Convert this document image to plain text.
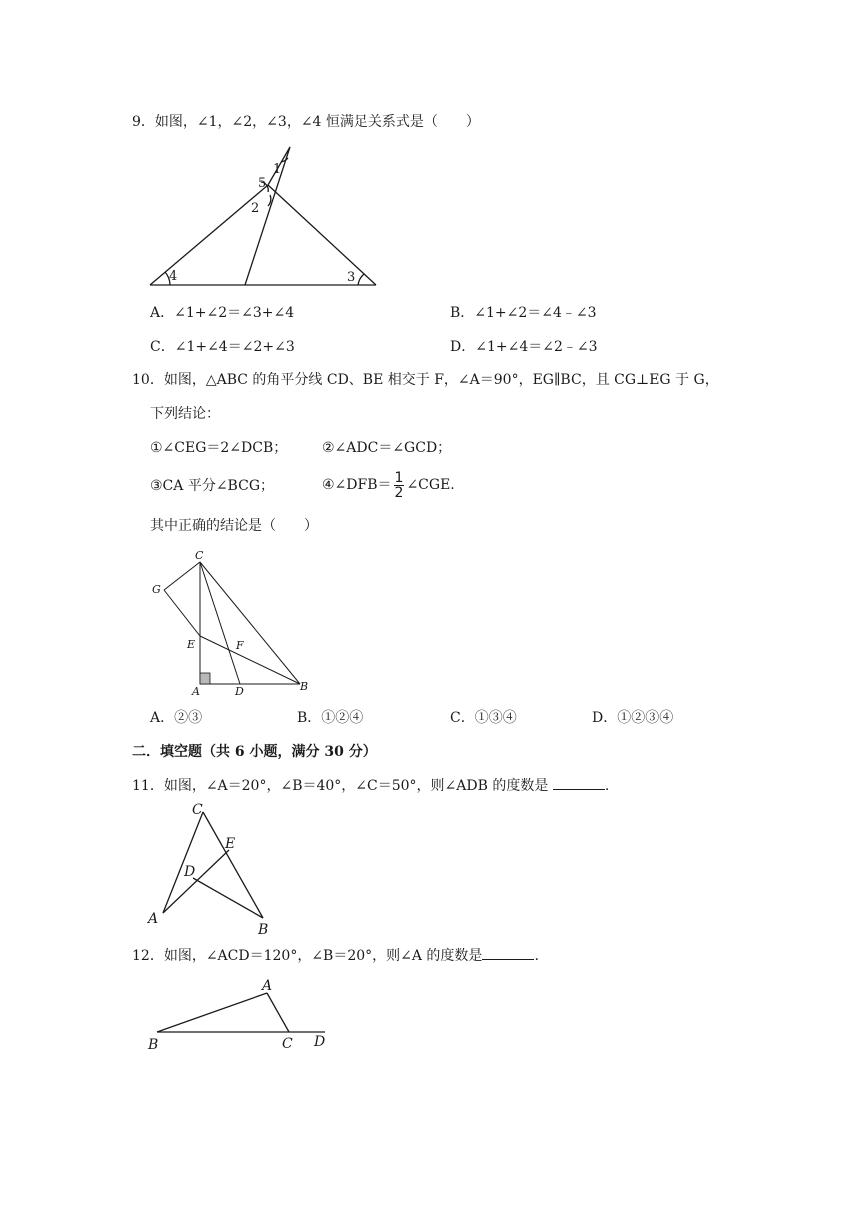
9．如图，∠1，∠2，∠3，∠4 恒满足关系式是（　　）
1
5
2
4	3
A．∠1+∠2＝∠3+∠4	B．∠1+∠2＝∠4﹣∠3
C．∠1+∠4＝∠2+∠3	D．∠1+∠4＝∠2﹣∠3
10．如图，△ABC 的角平分线 CD、BE 相交于 F，∠A＝90°，EG∥BC，且 CG⊥EG 于 G，
下列结论：
①∠CEG＝2∠DCB； ②∠ADC＝∠GCD；
③CA 平分∠BCG；	④∠DFB＝ $\frac{1}{2}$ ∠CGE.
其中正确的结论是（　　）
C
G
E	F
A	D	B
A．②③	B．①②④	C．①③④	D．①②③④
二．填空题（共 6 小题，满分 30 分）
11．如图，∠A＝20°，∠B＝40°，∠C＝50°，则∠ADB 的度数是	.
C
E
D
A
B
12．如图，∠ACD＝120°，∠B＝20°，则∠A 的度数是	.
A
B	C D
